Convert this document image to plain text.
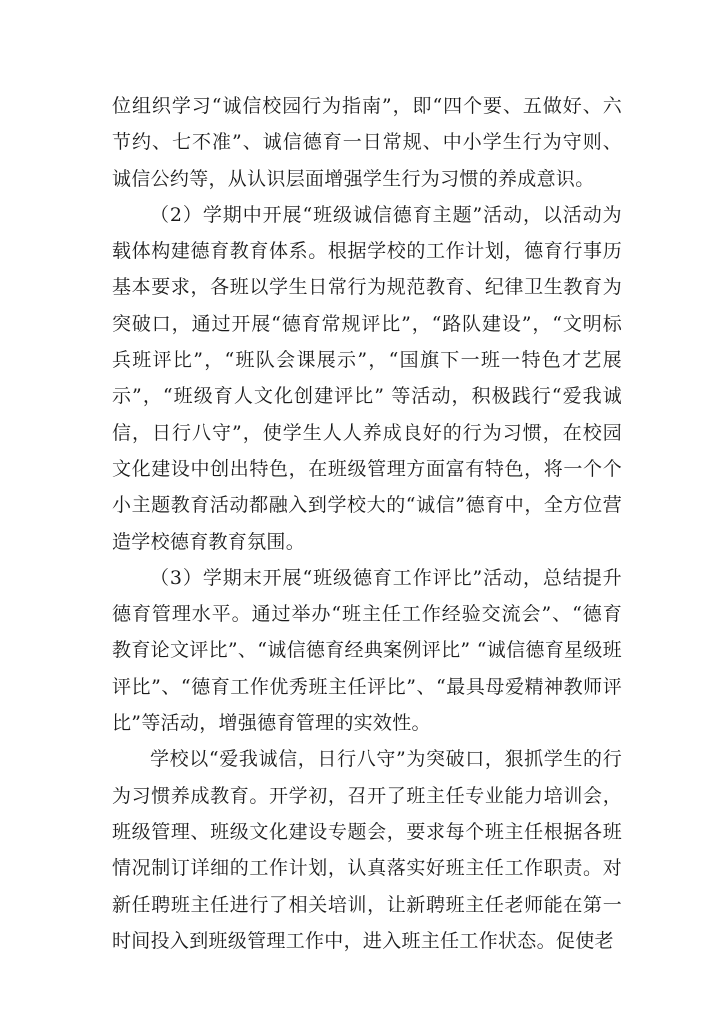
位组织学习“诚信校园行为指南”，即“四个要、五做好、六节约、七不准”、诚信德育一日常规、中小学生行为守则、诚信公约等，从认识层面增强学生行为习惯的养成意识。

（2）学期中开展“班级诚信德育主题”活动，以活动为载体构建德育教育体系。根据学校的工作计划，德育行事历基本要求，各班以学生日常行为规范教育、纪律卫生教育为突破口，通过开展“德育常规评比”，“路队建设”，“文明标兵班评比”，“班队会课展示”，“国旗下一班一特色才艺展示”，“班级育人文化创建评比” 等活动，积极践行“爱我诚信，日行八守”，使学生人人养成良好的行为习惯，在校园文化建设中创出特色，在班级管理方面富有特色，将一个个小主题教育活动都融入到学校大的“诚信”德育中，全方位营造学校德育教育氛围。

（3）学期末开展“班级德育工作评比”活动，总结提升德育管理水平。通过举办“班主任工作经验交流会”、“德育教育论文评比”、“诚信德育经典案例评比” “诚信德育星级班评比”、“德育工作优秀班主任评比”、“最具母爱精神教师评比”等活动，增强德育管理的实效性。

学校以“爱我诚信，日行八守”为突破口，狠抓学生的行为习惯养成教育。开学初，召开了班主任专业能力培训会，班级管理、班级文化建设专题会，要求每个班主任根据各班情况制订详细的工作计划，认真落实好班主任工作职责。对新任聘班主任进行了相关培训，让新聘班主任老师能在第一时间投入到班级管理工作中，进入班主任工作状态。促使老
